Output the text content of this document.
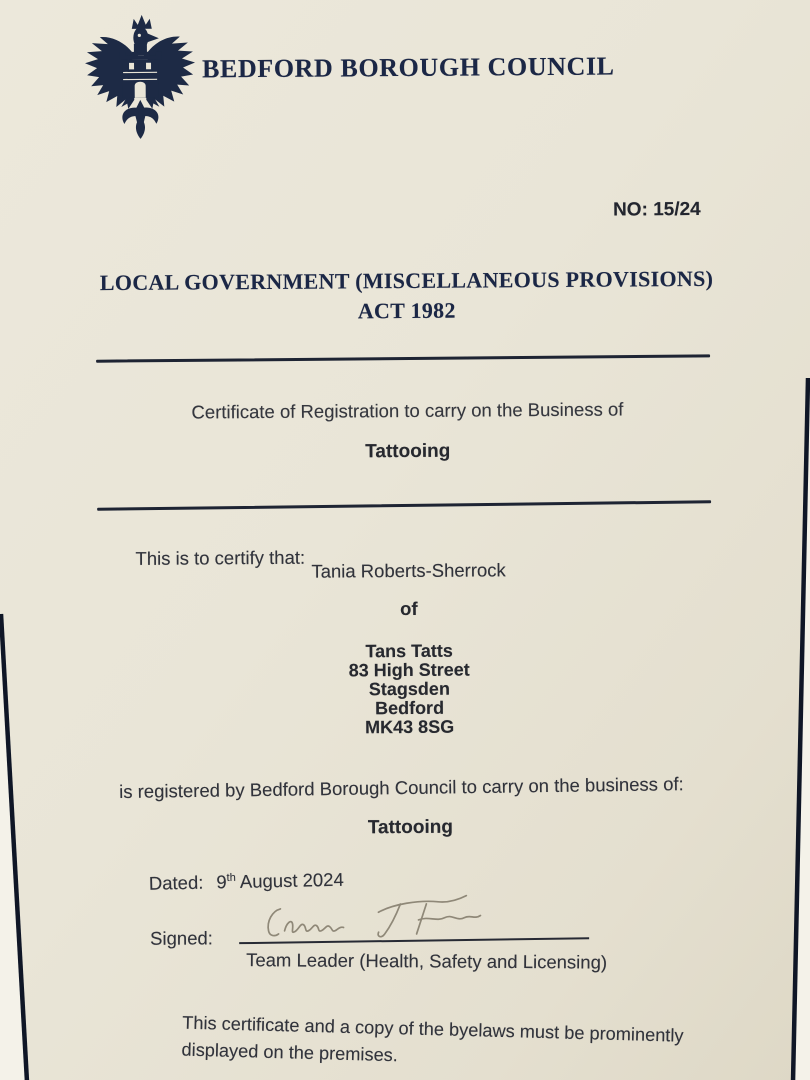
BEDFORD BOROUGH COUNCIL
NO: 15/24
LOCAL GOVERNMENT (MISCELLANEOUS PROVISIONS)
ACT 1982
Certificate of Registration to carry on the Business of
Tattooing
This is to certify that:
Tania Roberts-Sherrock
of
Tans Tatts
83 High Street
Stagsden
Bedford
MK43 8SG
is registered by Bedford Borough Council to carry on the business of:
Tattooing
Dated: 9th August 2024
Signed:
Team Leader (Health, Safety and Licensing)
This certificate and a copy of the byelaws must be prominently
displayed on the premises.
